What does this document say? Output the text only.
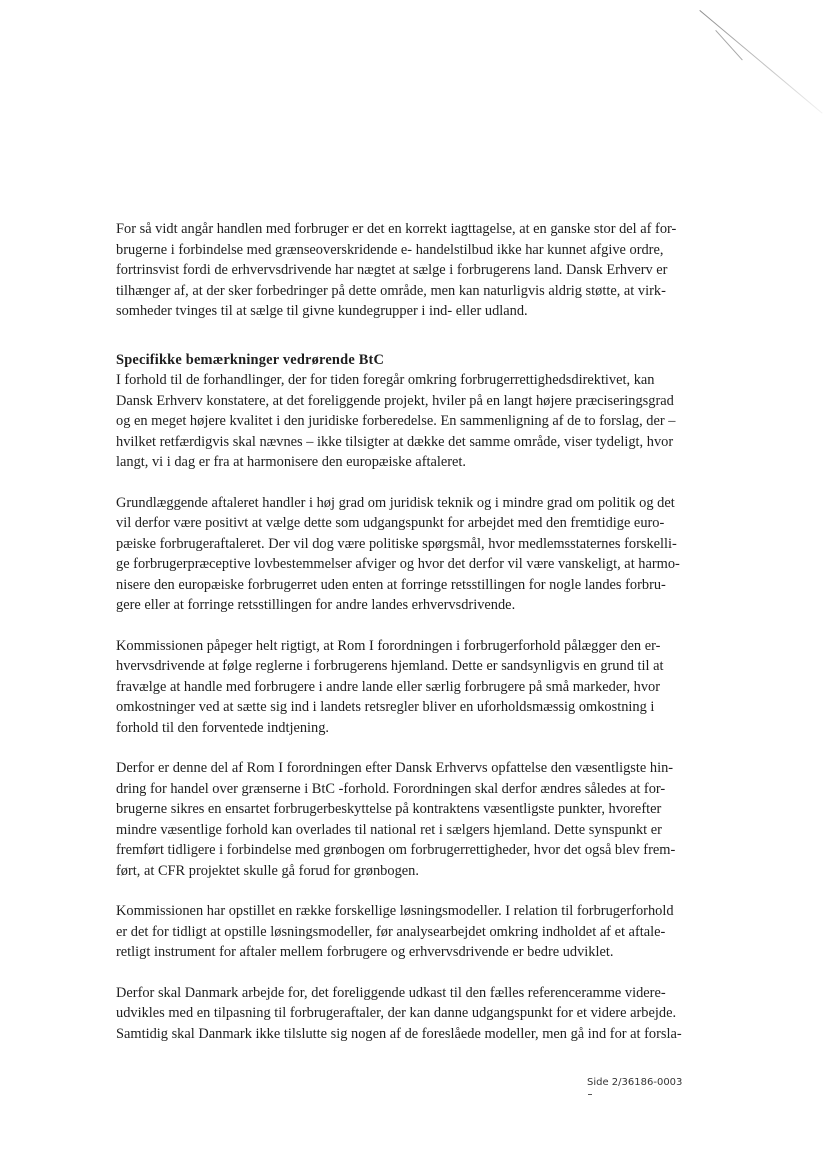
For så vidt angår handlen med forbruger er det en korrekt iagttagelse, at en ganske stor del af for-
brugerne i forbindelse med grænseoverskridende e- handelstilbud ikke har kunnet afgive ordre,
fortrinsvist fordi de erhvervsdrivende har nægtet at sælge i forbrugerens land. Dansk Erhverv er
tilhænger af, at der sker forbedringer på dette område, men kan naturligvis aldrig støtte, at virk-
somheder tvinges til at sælge til givne kundegrupper i ind- eller udland.

Specifikke bemærkninger vedrørende BtC
I forhold til de forhandlinger, der for tiden foregår omkring forbrugerrettighedsdirektivet, kan
Dansk Erhverv konstatere, at det foreliggende projekt, hviler på en langt højere præciseringsgrad
og en meget højere kvalitet i den juridiske forberedelse. En sammenligning af de to forslag, der –
hvilket retfærdigvis skal nævnes – ikke tilsigter at dække det samme område, viser tydeligt, hvor
langt, vi i dag er fra at harmonisere den europæiske aftaleret.

Grundlæggende aftaleret handler i høj grad om juridisk teknik og i mindre grad om politik og det
vil derfor være positivt at vælge dette som udgangspunkt for arbejdet med den fremtidige euro-
pæiske forbrugeraftaleret. Der vil dog være politiske spørgsmål, hvor medlemsstaternes forskelli-
ge forbrugerpræceptive lovbestemmelser afviger og hvor det derfor vil være vanskeligt, at harmo-
nisere den europæiske forbrugerret uden enten at forringe retsstillingen for nogle landes forbru-
gere eller at forringe retsstillingen for andre landes erhvervsdrivende.

Kommissionen påpeger helt rigtigt, at Rom I forordningen i forbrugerforhold pålægger den er-
hvervsdrivende at følge reglerne i forbrugerens hjemland. Dette er sandsynligvis en grund til at
fravælge at handle med forbrugere i andre lande eller særlig forbrugere på små markeder, hvor
omkostninger ved at sætte sig ind i landets retsregler bliver en uforholdsmæssig omkostning i
forhold til den forventede indtjening.

Derfor er denne del af Rom I forordningen efter Dansk Erhvervs opfattelse den væsentligste hin-
dring for handel over grænserne i BtC -forhold. Forordningen skal derfor ændres således at for-
brugerne sikres en ensartet forbrugerbeskyttelse på kontraktens væsentligste punkter, hvorefter
mindre væsentlige forhold kan overlades til national ret i sælgers hjemland. Dette synspunkt er
fremført tidligere i forbindelse med grønbogen om forbrugerrettigheder, hvor det også blev frem-
ført, at CFR projektet skulle gå forud for grønbogen.

Kommissionen har opstillet en række forskellige løsningsmodeller. I relation til forbrugerforhold
er det for tidligt at opstille løsningsmodeller, før analysearbejdet omkring indholdet af et aftale-
retligt instrument for aftaler mellem forbrugere og erhvervsdrivende er bedre udviklet.

Derfor skal Danmark arbejde for, det foreliggende udkast til den fælles referenceramme videre-
udvikles med en tilpasning til forbrugeraftaler, der kan danne udgangspunkt for et videre arbejde.
Samtidig skal Danmark ikke tilslutte sig nogen af de foreslåede modeller, men gå ind for at forsla-

Side 2/36186-0003
